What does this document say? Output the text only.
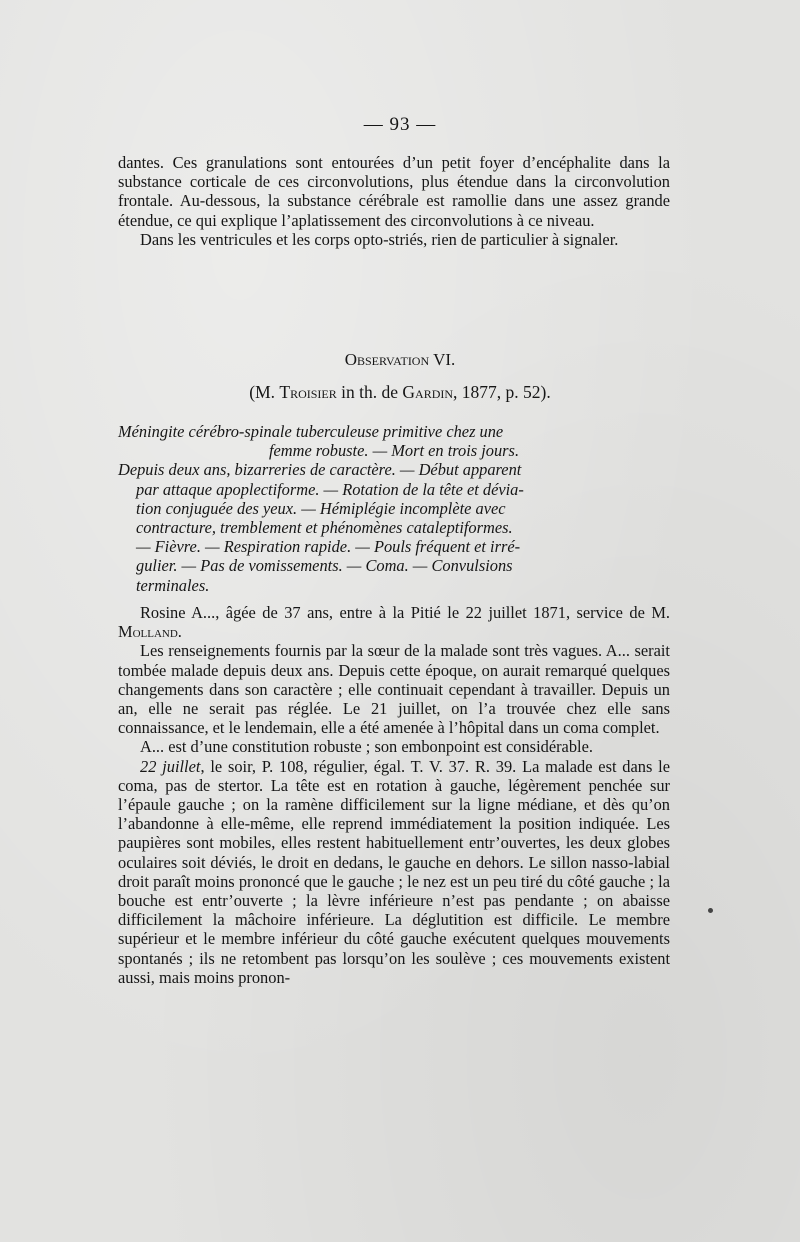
— 93 —

dantes. Ces granulations sont entourées d’un petit foyer d’encéphalite dans la substance corticale de ces circonvolutions, plus étendue dans la circonvolution frontale. Au-dessous, la substance cérébrale est ramollie dans une assez grande étendue, ce qui explique l’aplatissement des circonvolutions à ce niveau.

Dans les ventricules et les corps opto-striés, rien de particulier à signaler.

Observation VI.
(M. Troisier in th. de Gardin, 1877, p. 52).
Méningite cérébro-spinale tuberculeuse primitive chez une
femme robuste. — Mort en trois jours.
Depuis deux ans, bizarreries de caractère. — Début apparent
par attaque apoplectiforme. — Rotation de la tête et dévia-
tion conjuguée des yeux. — Hémiplégie incomplète avec
contracture, tremblement et phénomènes cataleptiformes.
— Fièvre. — Respiration rapide. — Pouls fréquent et irré-
gulier. — Pas de vomissements. — Coma. — Convulsions
terminales.

Rosine A..., âgée de 37 ans, entre à la Pitié le 22 juillet 1871, service de M. Molland.

Les renseignements fournis par la sœur de la malade sont très vagues. A... serait tombée malade depuis deux ans. Depuis cette époque, on aurait remarqué quelques changements dans son caractère ; elle continuait cependant à travailler. Depuis un an, elle ne serait pas réglée. Le 21 juillet, on l’a trouvée chez elle sans connaissance, et le lendemain, elle a été amenée à l’hôpital dans un coma complet.

A... est d’une constitution robuste ; son embonpoint est considérable.

22 juillet, le soir, P. 108, régulier, égal. T. V. 37. R. 39. La malade est dans le coma, pas de stertor. La tête est en rotation à gauche, légèrement penchée sur l’épaule gauche ; on la ramène difficilement sur la ligne médiane, et dès qu’on l’abandonne à elle-même, elle reprend immédiatement la position indiquée. Les paupières sont mobiles, elles restent habituellement entr’ouvertes, les deux globes oculaires soit déviés, le droit en dedans, le gauche en dehors. Le sillon nasso-labial droit paraît moins prononcé que le gauche ; le nez est un peu tiré du côté gauche ; la bouche est entr’ouverte ; la lèvre inférieure n’est pas pendante ; on abaisse difficilement la mâchoire inférieure. La déglutition est difficile. Le membre supérieur et le membre inférieur du côté gauche exécutent quelques mouvements spontanés ; ils ne retombent pas lorsqu’on les soulève ; ces mouvements existent aussi, mais moins pronon-
